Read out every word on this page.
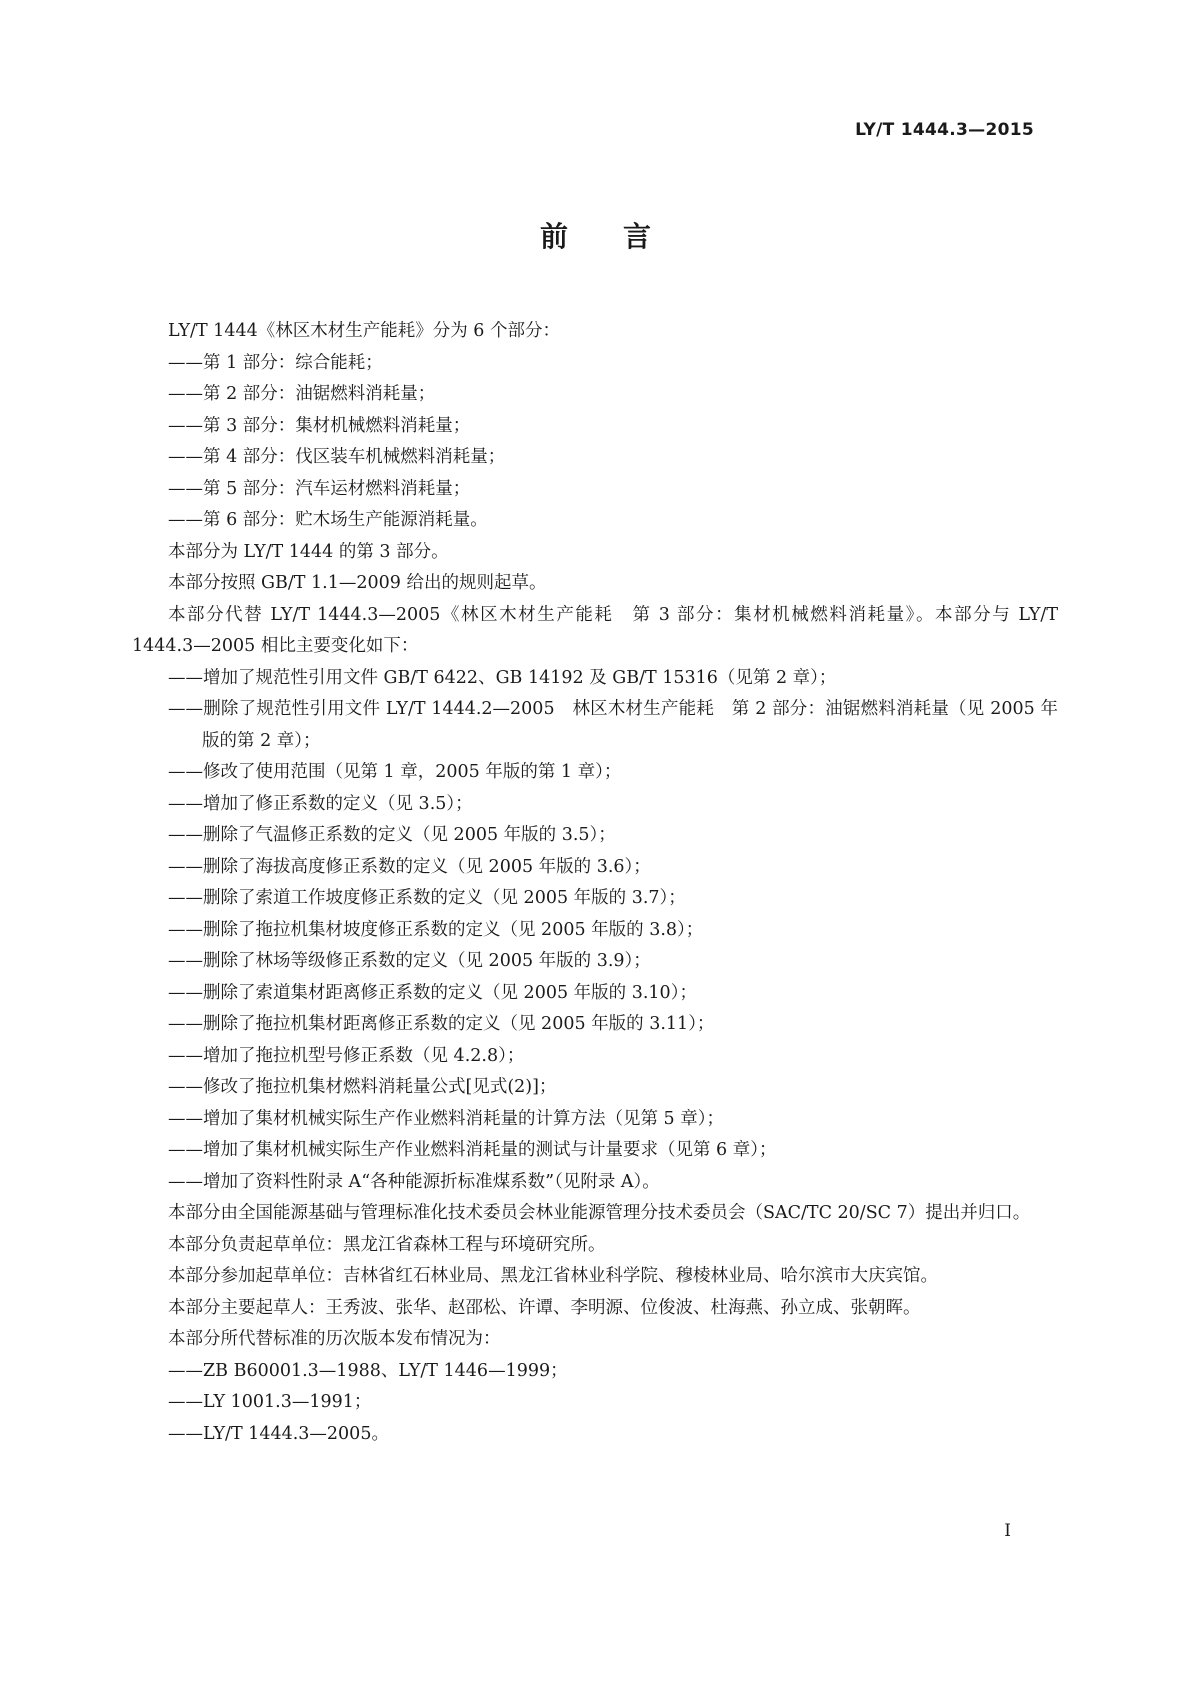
LY/T 1444.3—2015
前言
LY/T 1444《林区木材生产能耗》分为 6 个部分：
——第 1 部分：综合能耗；
——第 2 部分：油锯燃料消耗量；
——第 3 部分：集材机械燃料消耗量；
——第 4 部分：伐区装车机械燃料消耗量；
——第 5 部分：汽车运材燃料消耗量；
——第 6 部分：贮木场生产能源消耗量。
本部分为 LY/T 1444 的第 3 部分。
本部分按照 GB/T 1.1—2009 给出的规则起草。
本部分代替 LY/T 1444.3—2005《林区木材生产能耗　第 3 部分：集材机械燃料消耗量》。本部分与 LY/T 1444.3—2005 相比主要变化如下：
——增加了规范性引用文件 GB/T 6422、GB 14192 及 GB/T 15316（见第 2 章）；
——删除了规范性引用文件 LY/T 1444.2—2005　林区木材生产能耗　第 2 部分：油锯燃料消耗量（见 2005 年版的第 2 章）；
——修改了使用范围（见第 1 章，2005 年版的第 1 章）；
——增加了修正系数的定义（见 3.5）；
——删除了气温修正系数的定义（见 2005 年版的 3.5）；
——删除了海拔高度修正系数的定义（见 2005 年版的 3.6）；
——删除了索道工作坡度修正系数的定义（见 2005 年版的 3.7）；
——删除了拖拉机集材坡度修正系数的定义（见 2005 年版的 3.8）；
——删除了林场等级修正系数的定义（见 2005 年版的 3.9）；
——删除了索道集材距离修正系数的定义（见 2005 年版的 3.10）；
——删除了拖拉机集材距离修正系数的定义（见 2005 年版的 3.11）；
——增加了拖拉机型号修正系数（见 4.2.8）；
——修改了拖拉机集材燃料消耗量公式[见式(2)]；
——增加了集材机械实际生产作业燃料消耗量的计算方法（见第 5 章）；
——增加了集材机械实际生产作业燃料消耗量的测试与计量要求（见第 6 章）；
——增加了资料性附录 A“各种能源折标准煤系数”（见附录 A）。
本部分由全国能源基础与管理标准化技术委员会林业能源管理分技术委员会（SAC/TC 20/SC 7）提出并归口。
本部分负责起草单位：黑龙江省森林工程与环境研究所。
本部分参加起草单位：吉林省红石林业局、黑龙江省林业科学院、穆棱林业局、哈尔滨市大庆宾馆。
本部分主要起草人：王秀波、张华、赵邵松、许谭、李明源、位俊波、杜海燕、孙立成、张朝晖。
本部分所代替标准的历次版本发布情况为：
——ZB B60001.3—1988、LY/T 1446—1999；
——LY 1001.3—1991；
——LY/T 1444.3—2005。
I
